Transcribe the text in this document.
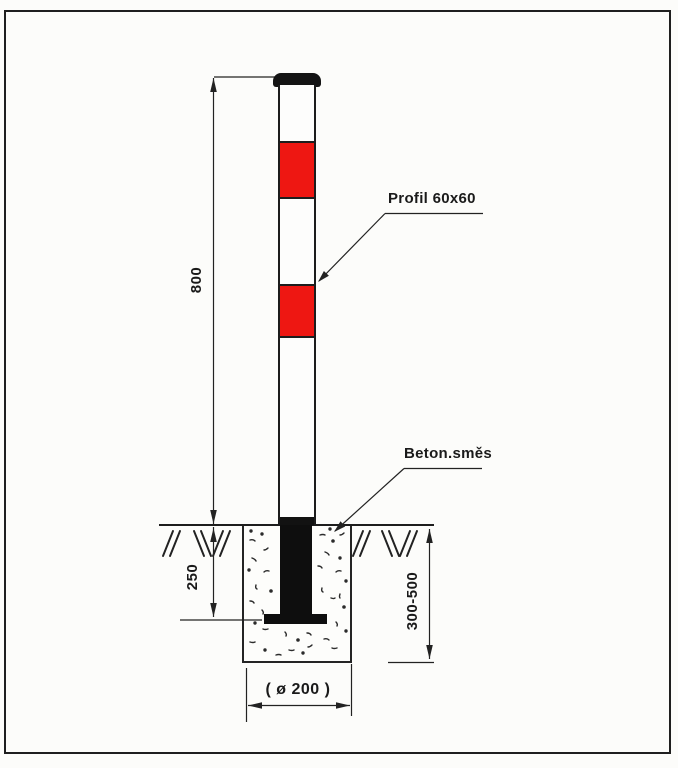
Profil 60x60
Beton.směs
800
250	300-500
( ø 200 )
